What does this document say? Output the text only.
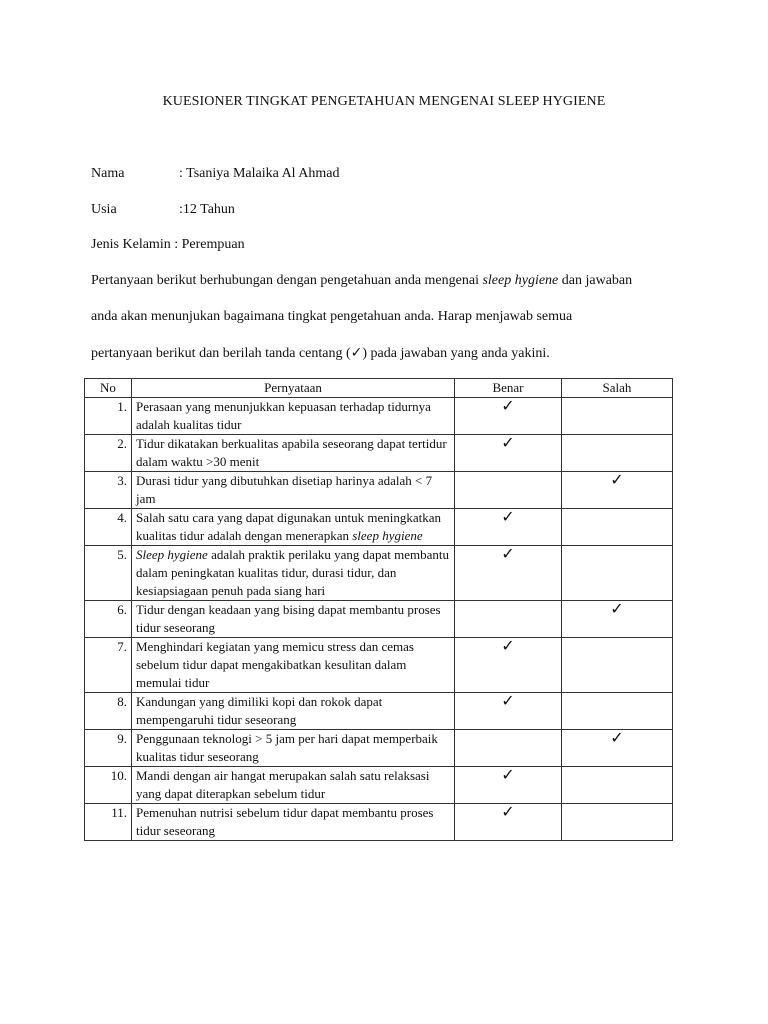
KUESIONER TINGKAT PENGETAHUAN MENGENAI SLEEP HYGIENE
Nama	: Tsaniya Malaika Al Ahmad
Usia	:12 Tahun
Jenis Kelamin : Perempuan
Pertanyaan berikut berhubungan dengan pengetahuan anda mengenai sleep hygiene dan jawaban
anda akan menunjukan bagaimana tingkat pengetahuan anda. Harap menjawab semua
pertanyaan berikut dan berilah tanda centang (✓) pada jawaban yang anda yakini.
No	Pernyataan	Benar	Salah
1.	Perasaan yang menunjukkan kepuasan terhadap tidurnya adalah kualitas tidur	✓	
2.	Tidur dikatakan berkualitas apabila seseorang dapat tertidur dalam waktu >30 menit	✓	
3.	Durasi tidur yang dibutuhkan disetiap harinya adalah < 7 jam		✓
4.	Salah satu cara yang dapat digunakan untuk meningkatkan kualitas tidur adalah dengan menerapkan sleep hygiene	✓	
5.	Sleep hygiene adalah praktik perilaku yang dapat membantu dalam peningkatan kualitas tidur, durasi tidur, dan kesiapsiagaan penuh pada siang hari	✓	
6.	Tidur dengan keadaan yang bising dapat membantu proses tidur seseorang		✓
7.	Menghindari kegiatan yang memicu stress dan cemas sebelum tidur dapat mengakibatkan kesulitan dalam memulai tidur	✓	
8.	Kandungan yang dimiliki kopi dan rokok dapat mempengaruhi tidur seseorang	✓	
9.	Penggunaan teknologi > 5 jam per hari dapat memperbaik kualitas tidur seseorang		✓
10.	Mandi dengan air hangat merupakan salah satu relaksasi yang dapat diterapkan sebelum tidur	✓	
11.	Pemenuhan nutrisi sebelum tidur dapat membantu proses tidur seseorang	✓	
